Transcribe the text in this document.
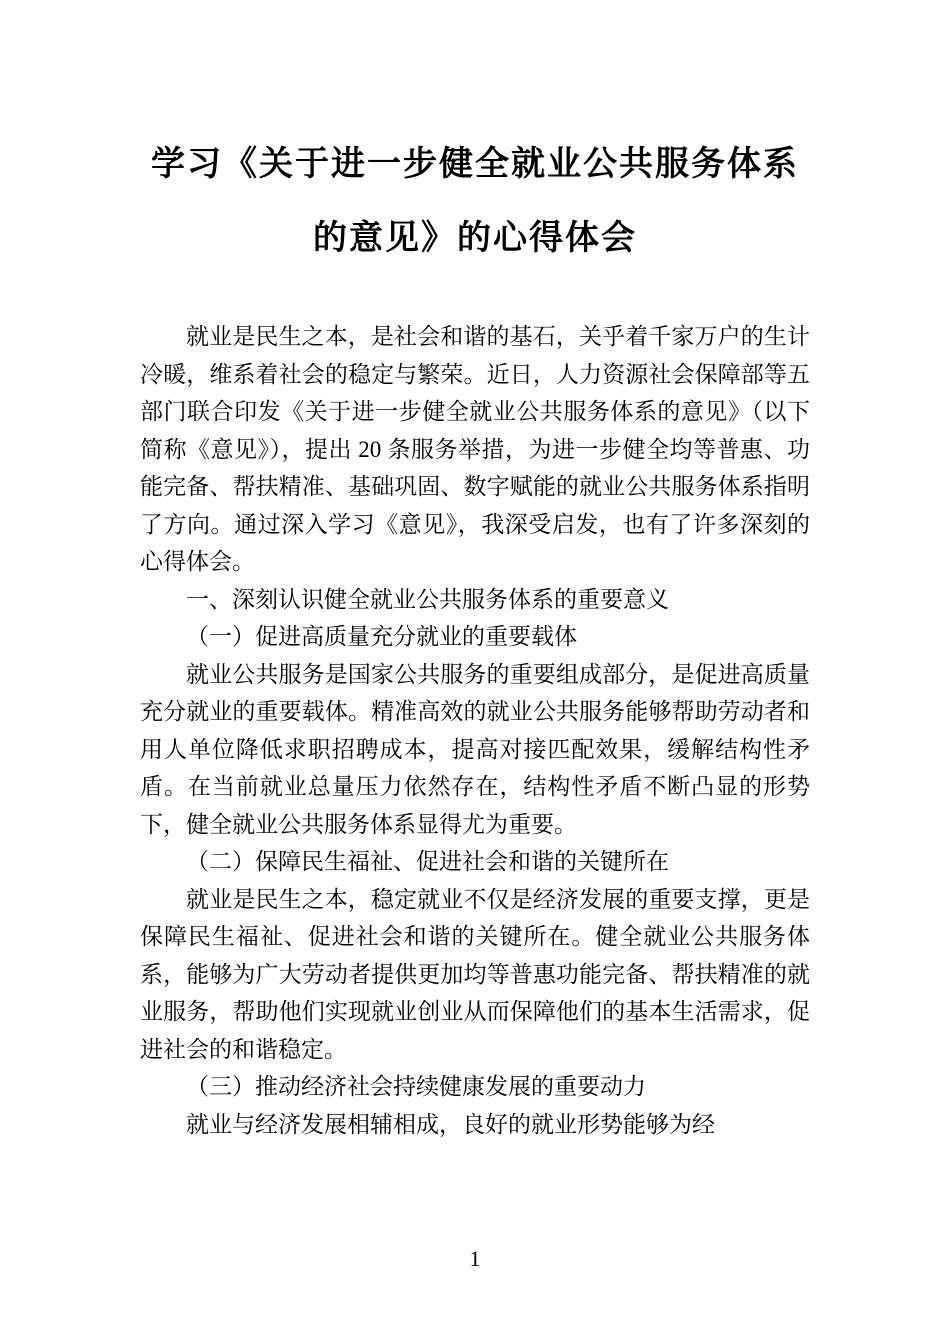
学习《关于进一步健全就业公共服务体系
的意见》的心得体会

就业是民生之本，是社会和谐的基石，关乎着千家万户的生计冷暖，维系着社会的稳定与繁荣。近日，人力资源社会保障部等五部门联合印发《关于进一步健全就业公共服务体系的意见》（以下简称《意见》），提出 20 条服务举措，为进一步健全均等普惠、功能完备、帮扶精准、基础巩固、数字赋能的就业公共服务体系指明了方向。通过深入学习《意见》，我深受启发，也有了许多深刻的心得体会。

一、深刻认识健全就业公共服务体系的重要意义

（一）促进高质量充分就业的重要载体

就业公共服务是国家公共服务的重要组成部分，是促进高质量充分就业的重要载体。精准高效的就业公共服务能够帮助劳动者和用人单位降低求职招聘成本，提高对接匹配效果，缓解结构性矛盾。在当前就业总量压力依然存在，结构性矛盾不断凸显的形势下，健全就业公共服务体系显得尤为重要。

（二）保障民生福祉、促进社会和谐的关键所在

就业是民生之本，稳定就业不仅是经济发展的重要支撑，更是保障民生福祉、促进社会和谐的关键所在。健全就业公共服务体系，能够为广大劳动者提供更加均等普惠功能完备、帮扶精准的就业服务，帮助他们实现就业创业从而保障他们的基本生活需求，促进社会的和谐稳定。

（三）推动经济社会持续健康发展的重要动力

就业与经济发展相辅相成，良好的就业形势能够为经

1
